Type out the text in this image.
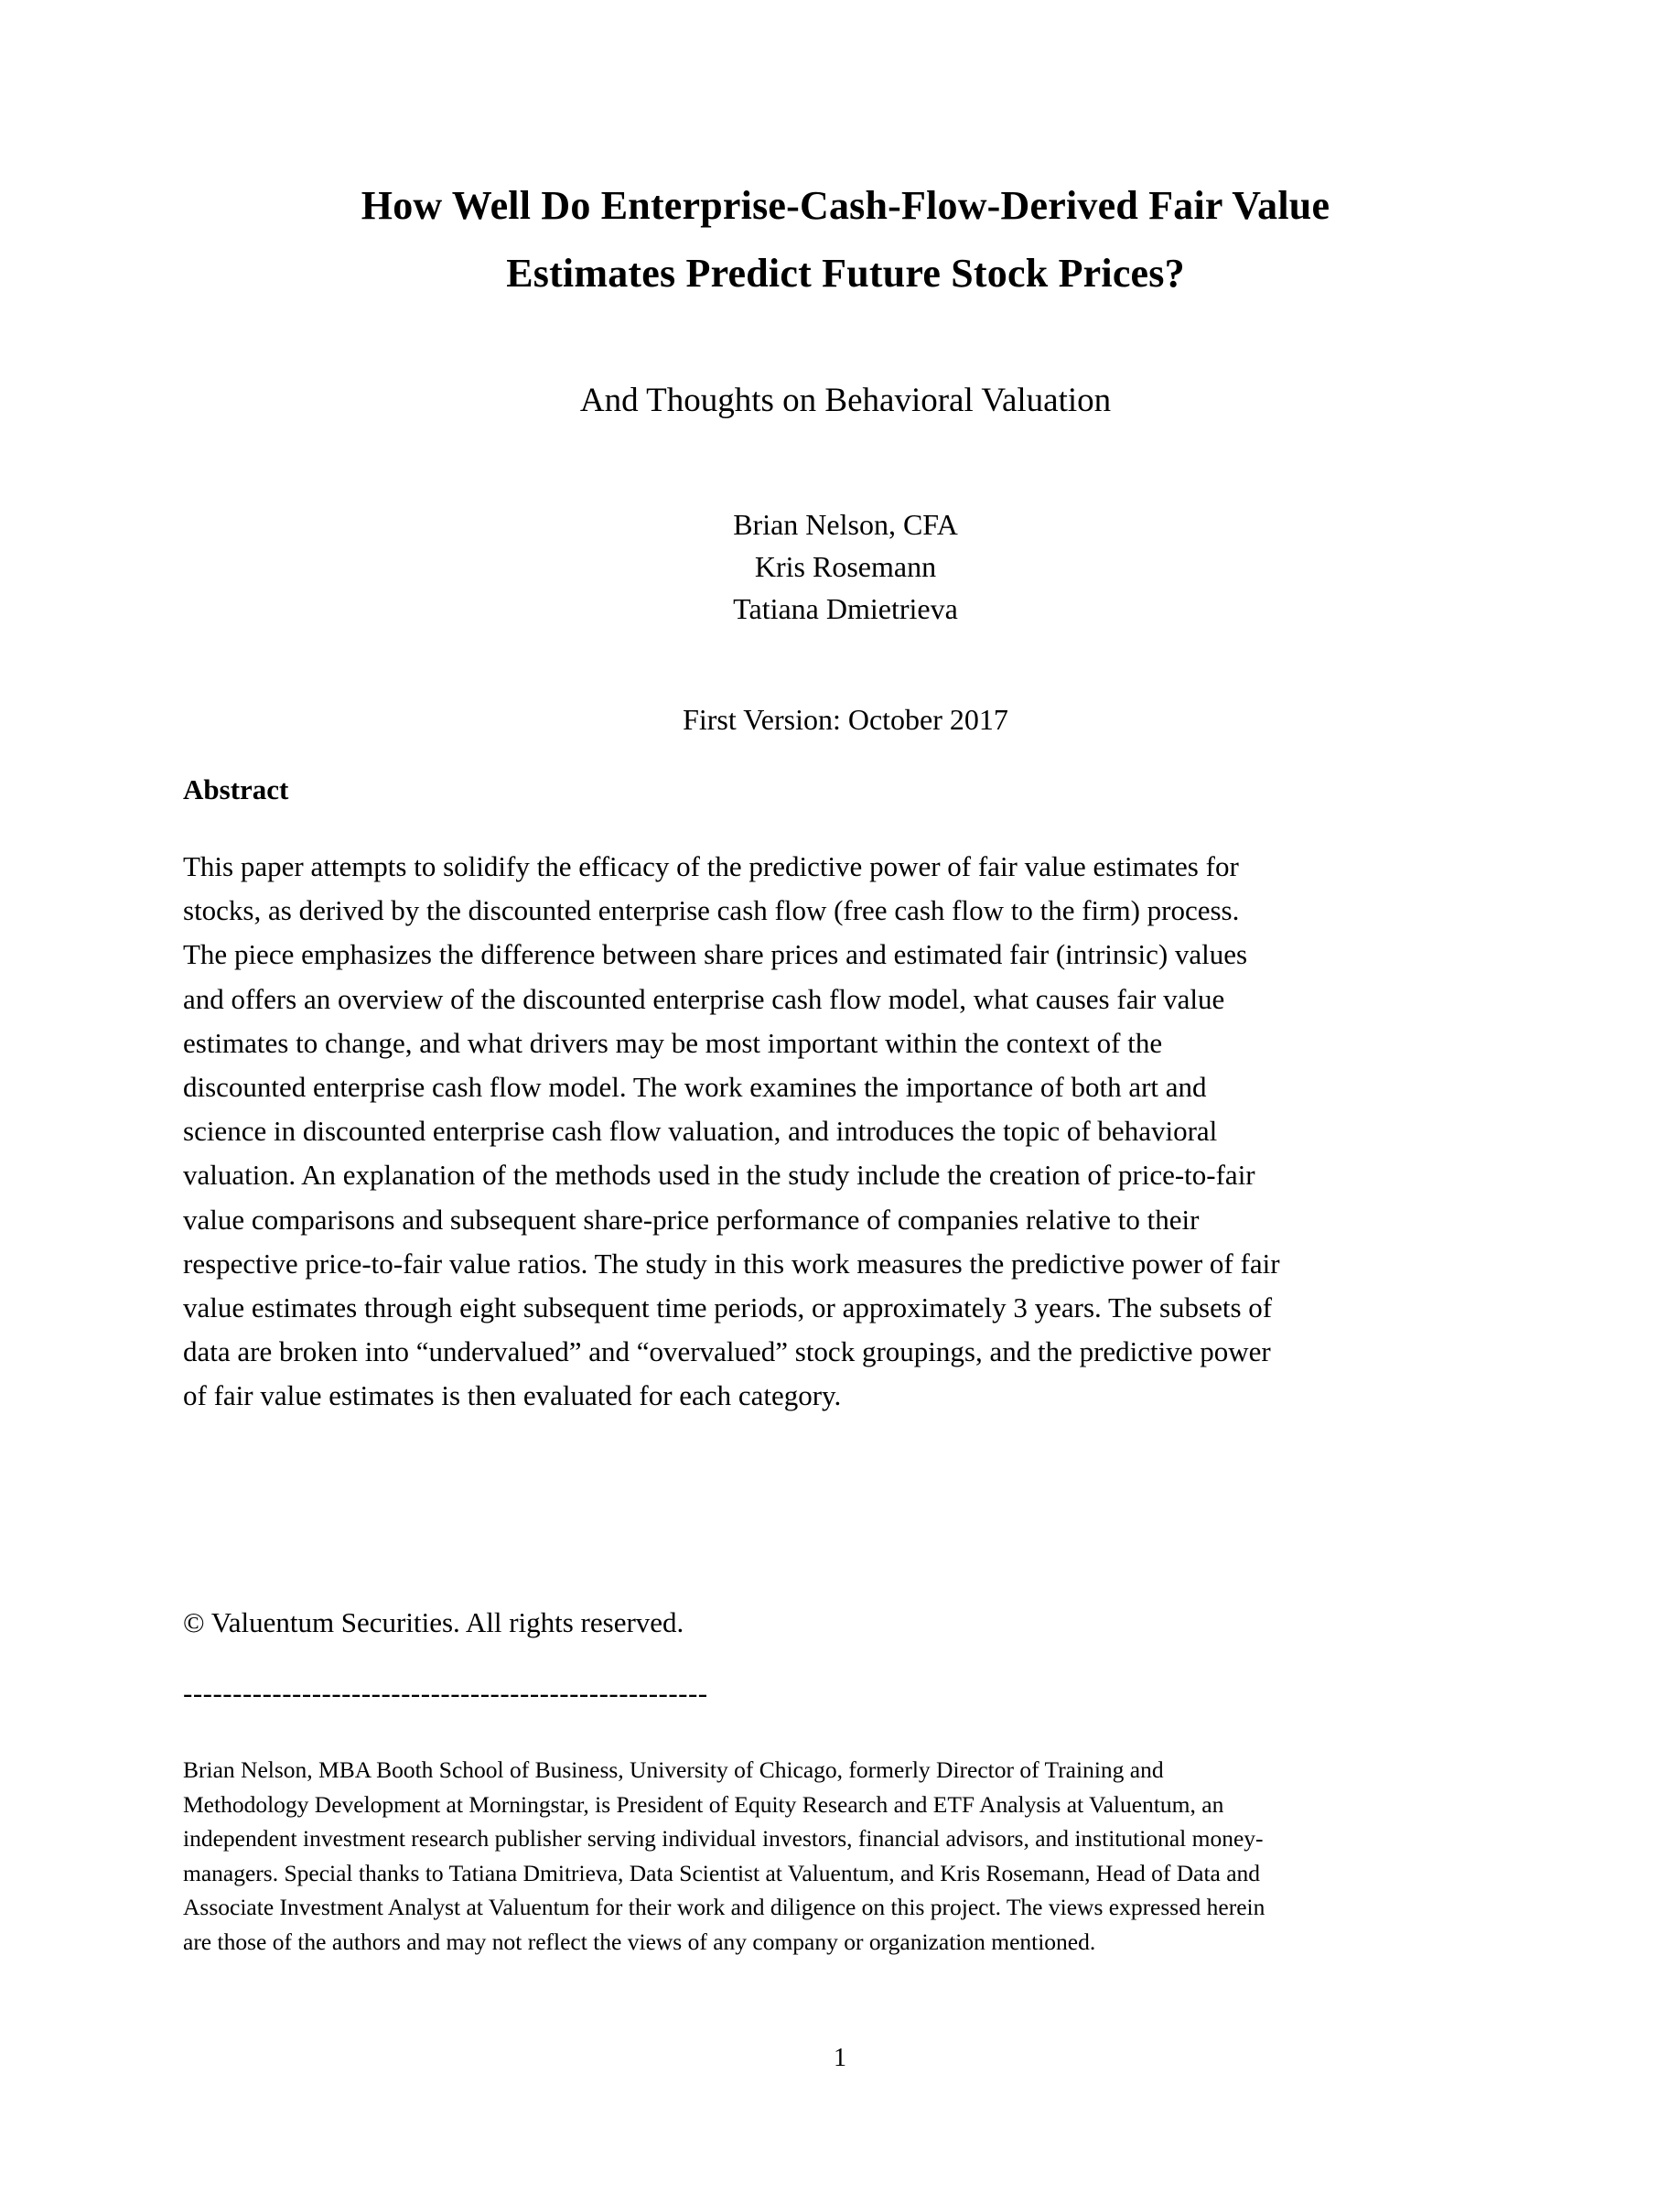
How Well Do Enterprise-Cash-Flow-Derived Fair Value
Estimates Predict Future Stock Prices?
And Thoughts on Behavioral Valuation
Brian Nelson, CFA
Kris Rosemann
Tatiana Dmietrieva
First Version: October 2017
Abstract
This paper attempts to solidify the efficacy of the predictive power of fair value estimates for
stocks, as derived by the discounted enterprise cash flow (free cash flow to the firm) process.
The piece emphasizes the difference between share prices and estimated fair (intrinsic) values
and offers an overview of the discounted enterprise cash flow model, what causes fair value
estimates to change, and what drivers may be most important within the context of the
discounted enterprise cash flow model. The work examines the importance of both art and
science in discounted enterprise cash flow valuation, and introduces the topic of behavioral
valuation. An explanation of the methods used in the study include the creation of price-to-fair
value comparisons and subsequent share-price performance of companies relative to their
respective price-to-fair value ratios. The study in this work measures the predictive power of fair
value estimates through eight subsequent time periods, or approximately 3 years. The subsets of
data are broken into “undervalued” and “overvalued” stock groupings, and the predictive power
of fair value estimates is then evaluated for each category.
© Valuentum Securities. All rights reserved.
-----------------------------------------------------
Brian Nelson, MBA Booth School of Business, University of Chicago, formerly Director of Training and
Methodology Development at Morningstar, is President of Equity Research and ETF Analysis at Valuentum, an
independent investment research publisher serving individual investors, financial advisors, and institutional money-
managers. Special thanks to Tatiana Dmitrieva, Data Scientist at Valuentum, and Kris Rosemann, Head of Data and
Associate Investment Analyst at Valuentum for their work and diligence on this project. The views expressed herein
are those of the authors and may not reflect the views of any company or organization mentioned.
1
